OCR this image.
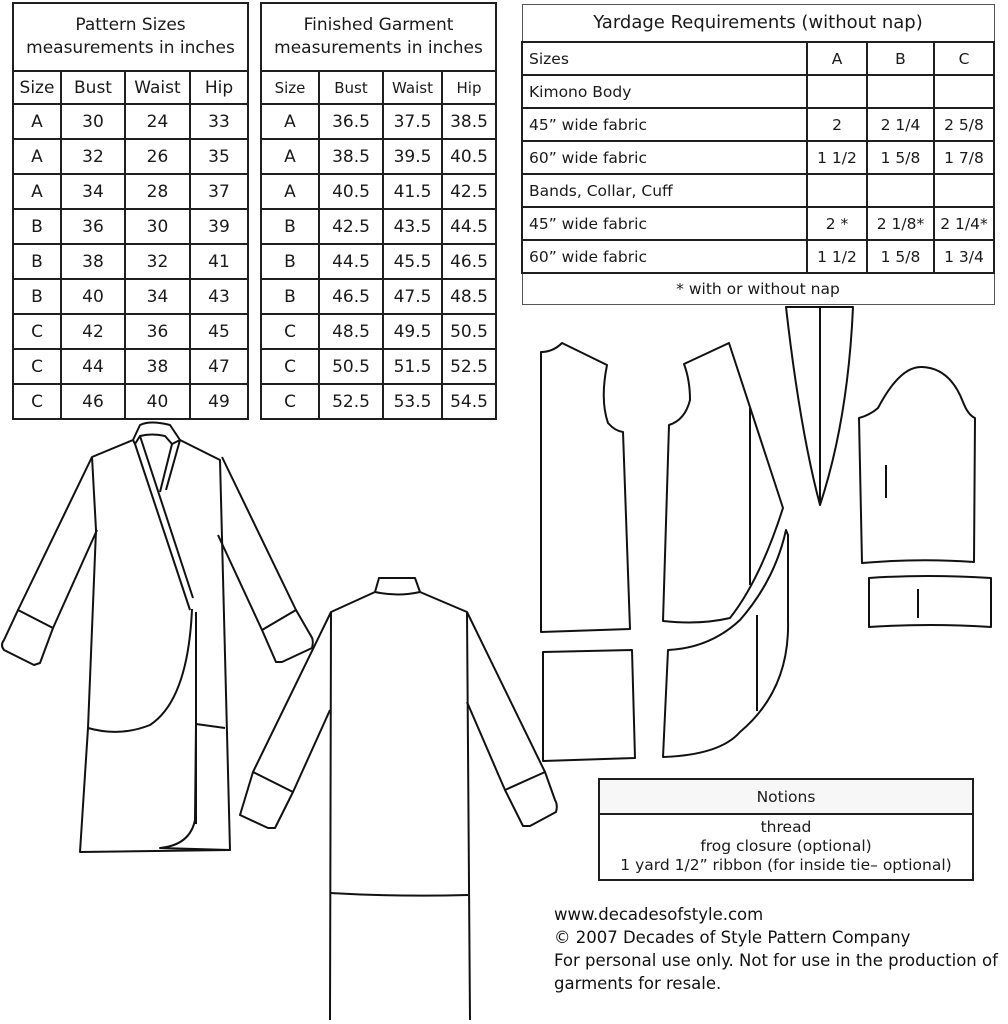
Pattern Sizes
measurements in inches			

Size	Bust	Waist	Hip
A	30	24	33
A	32	26	35
A	34	28	37
B	36	30	39
B	38	32	41
B	40	34	43
C	42	36	45
C	44	38	47
C	46	40	49
Finished Garment
measurements in inches			

Size	Bust	Waist	Hip
A	36.5	37.5	38.5
A	38.5	39.5	40.5
A	40.5	41.5	42.5
B	42.5	43.5	44.5
B	44.5	45.5	46.5
B	46.5	47.5	48.5
C	48.5	49.5	50.5
C	50.5	51.5	52.5
C	52.5	53.5	54.5
Yardage Requirements (without nap)			
Sizes	A	B	C
Kimono Body			
45” wide fabric	2	2 1/4	2 5/8
60” wide fabric	1 1/2	1 5/8	1 7/8
Bands, Collar, Cuff			
45” wide fabric	2 *	2 1/8*	2 1/4*
60” wide fabric	1 1/2	1 5/8	1 3/4
* with or without nap			
Notions

thread
frog closure (optional)
1 yard 1/2” ribbon (for inside tie– optional)
www.decadesofstyle.com
© 2007 Decades of Style Pattern Company
For personal use only. Not for use in the production of
garments for resale.
